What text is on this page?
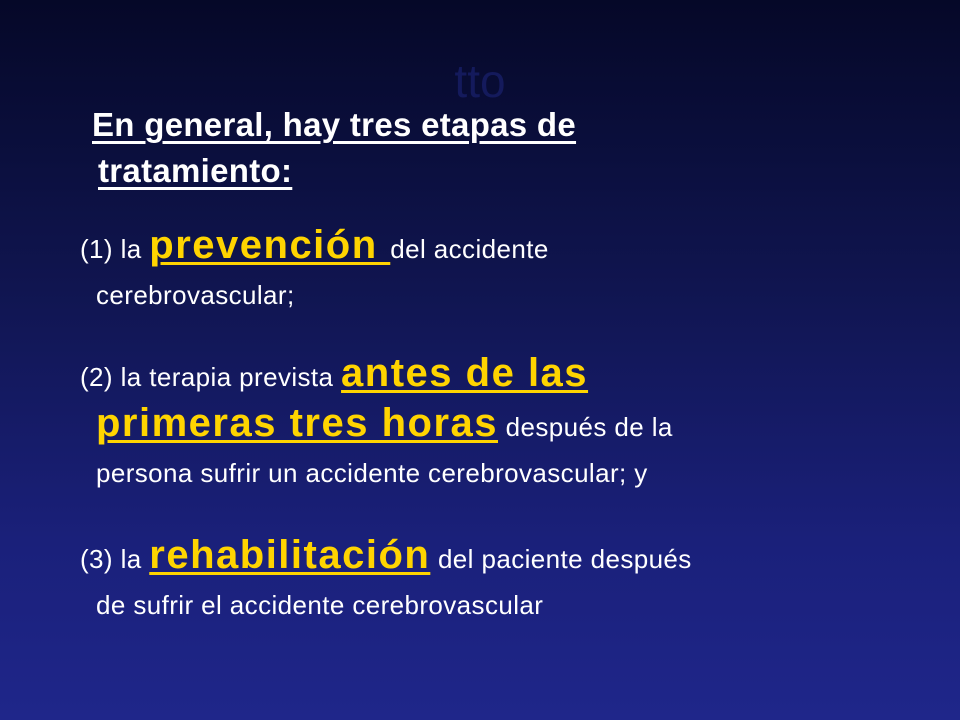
tto
En general, hay tres etapas de
tratamiento:
(1) la prevención del accidente
cerebrovascular;
(2) la terapia prevista antes de las
primeras tres horas después de la
persona sufrir un accidente cerebrovascular; y
(3) la rehabilitación del paciente después
de sufrir el accidente cerebrovascular
